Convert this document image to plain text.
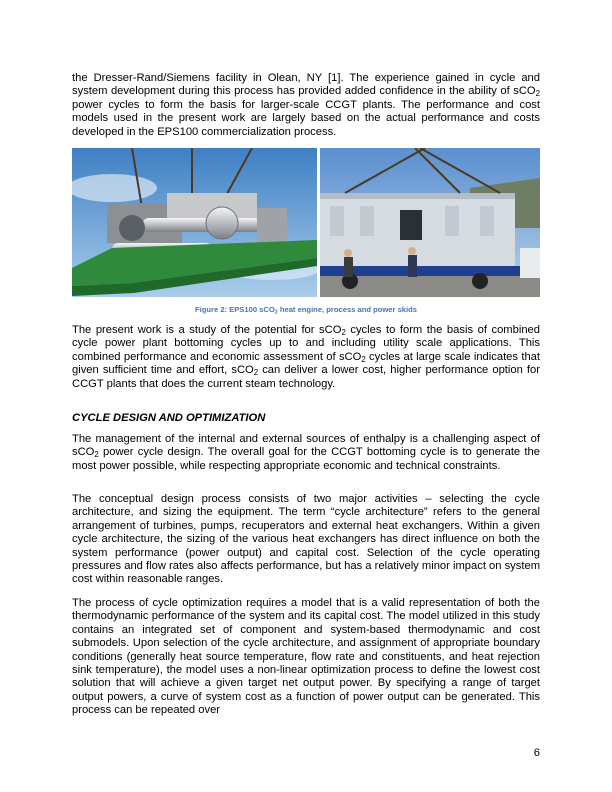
the Dresser-Rand/Siemens facility in Olean, NY [1]. The experience gained in cycle and system development during this process has provided added confidence in the ability of sCO$_2$ power cycles to form the basis for larger-scale CCGT plants. The performance and cost models used in the present work are largely based on the actual performance and costs developed in the EPS100 commercialization process.

Figure 2: EPS100 sCO$_2$ heat engine, process and power skids

The present work is a study of the potential for sCO$_2$ cycles to form the basis of combined cycle power plant bottoming cycles up to and including utility scale applications. This combined performance and economic assessment of sCO$_2$ cycles at large scale indicates that given sufficient time and effort, sCO$_2$ can deliver a lower cost, higher performance option for CCGT plants that does the current steam technology.

CYCLE DESIGN AND OPTIMIZATION

The management of the internal and external sources of enthalpy is a challenging aspect of sCO$_2$ power cycle design. The overall goal for the CCGT bottoming cycle is to generate the most power possible, while respecting appropriate economic and technical constraints.

The conceptual design process consists of two major activities – selecting the cycle architecture, and sizing the equipment. The term “cycle architecture” refers to the general arrangement of turbines, pumps, recuperators and external heat exchangers. Within a given cycle architecture, the sizing of the various heat exchangers has direct influence on both the system performance (power output) and capital cost. Selection of the cycle operating pressures and flow rates also affects performance, but has a relatively minor impact on system cost within reasonable ranges.

The process of cycle optimization requires a model that is a valid representation of both the thermodynamic performance of the system and its capital cost. The model utilized in this study contains an integrated set of component and system-based thermodynamic and cost submodels. Upon selection of the cycle architecture, and assignment of appropriate boundary conditions (generally heat source temperature, flow rate and constituents, and heat rejection sink temperature), the model uses a non-linear optimization process to define the lowest cost solution that will achieve a given target net output power. By specifying a range of target output powers, a curve of system cost as a function of power output can be generated. This process can be repeated over

6
